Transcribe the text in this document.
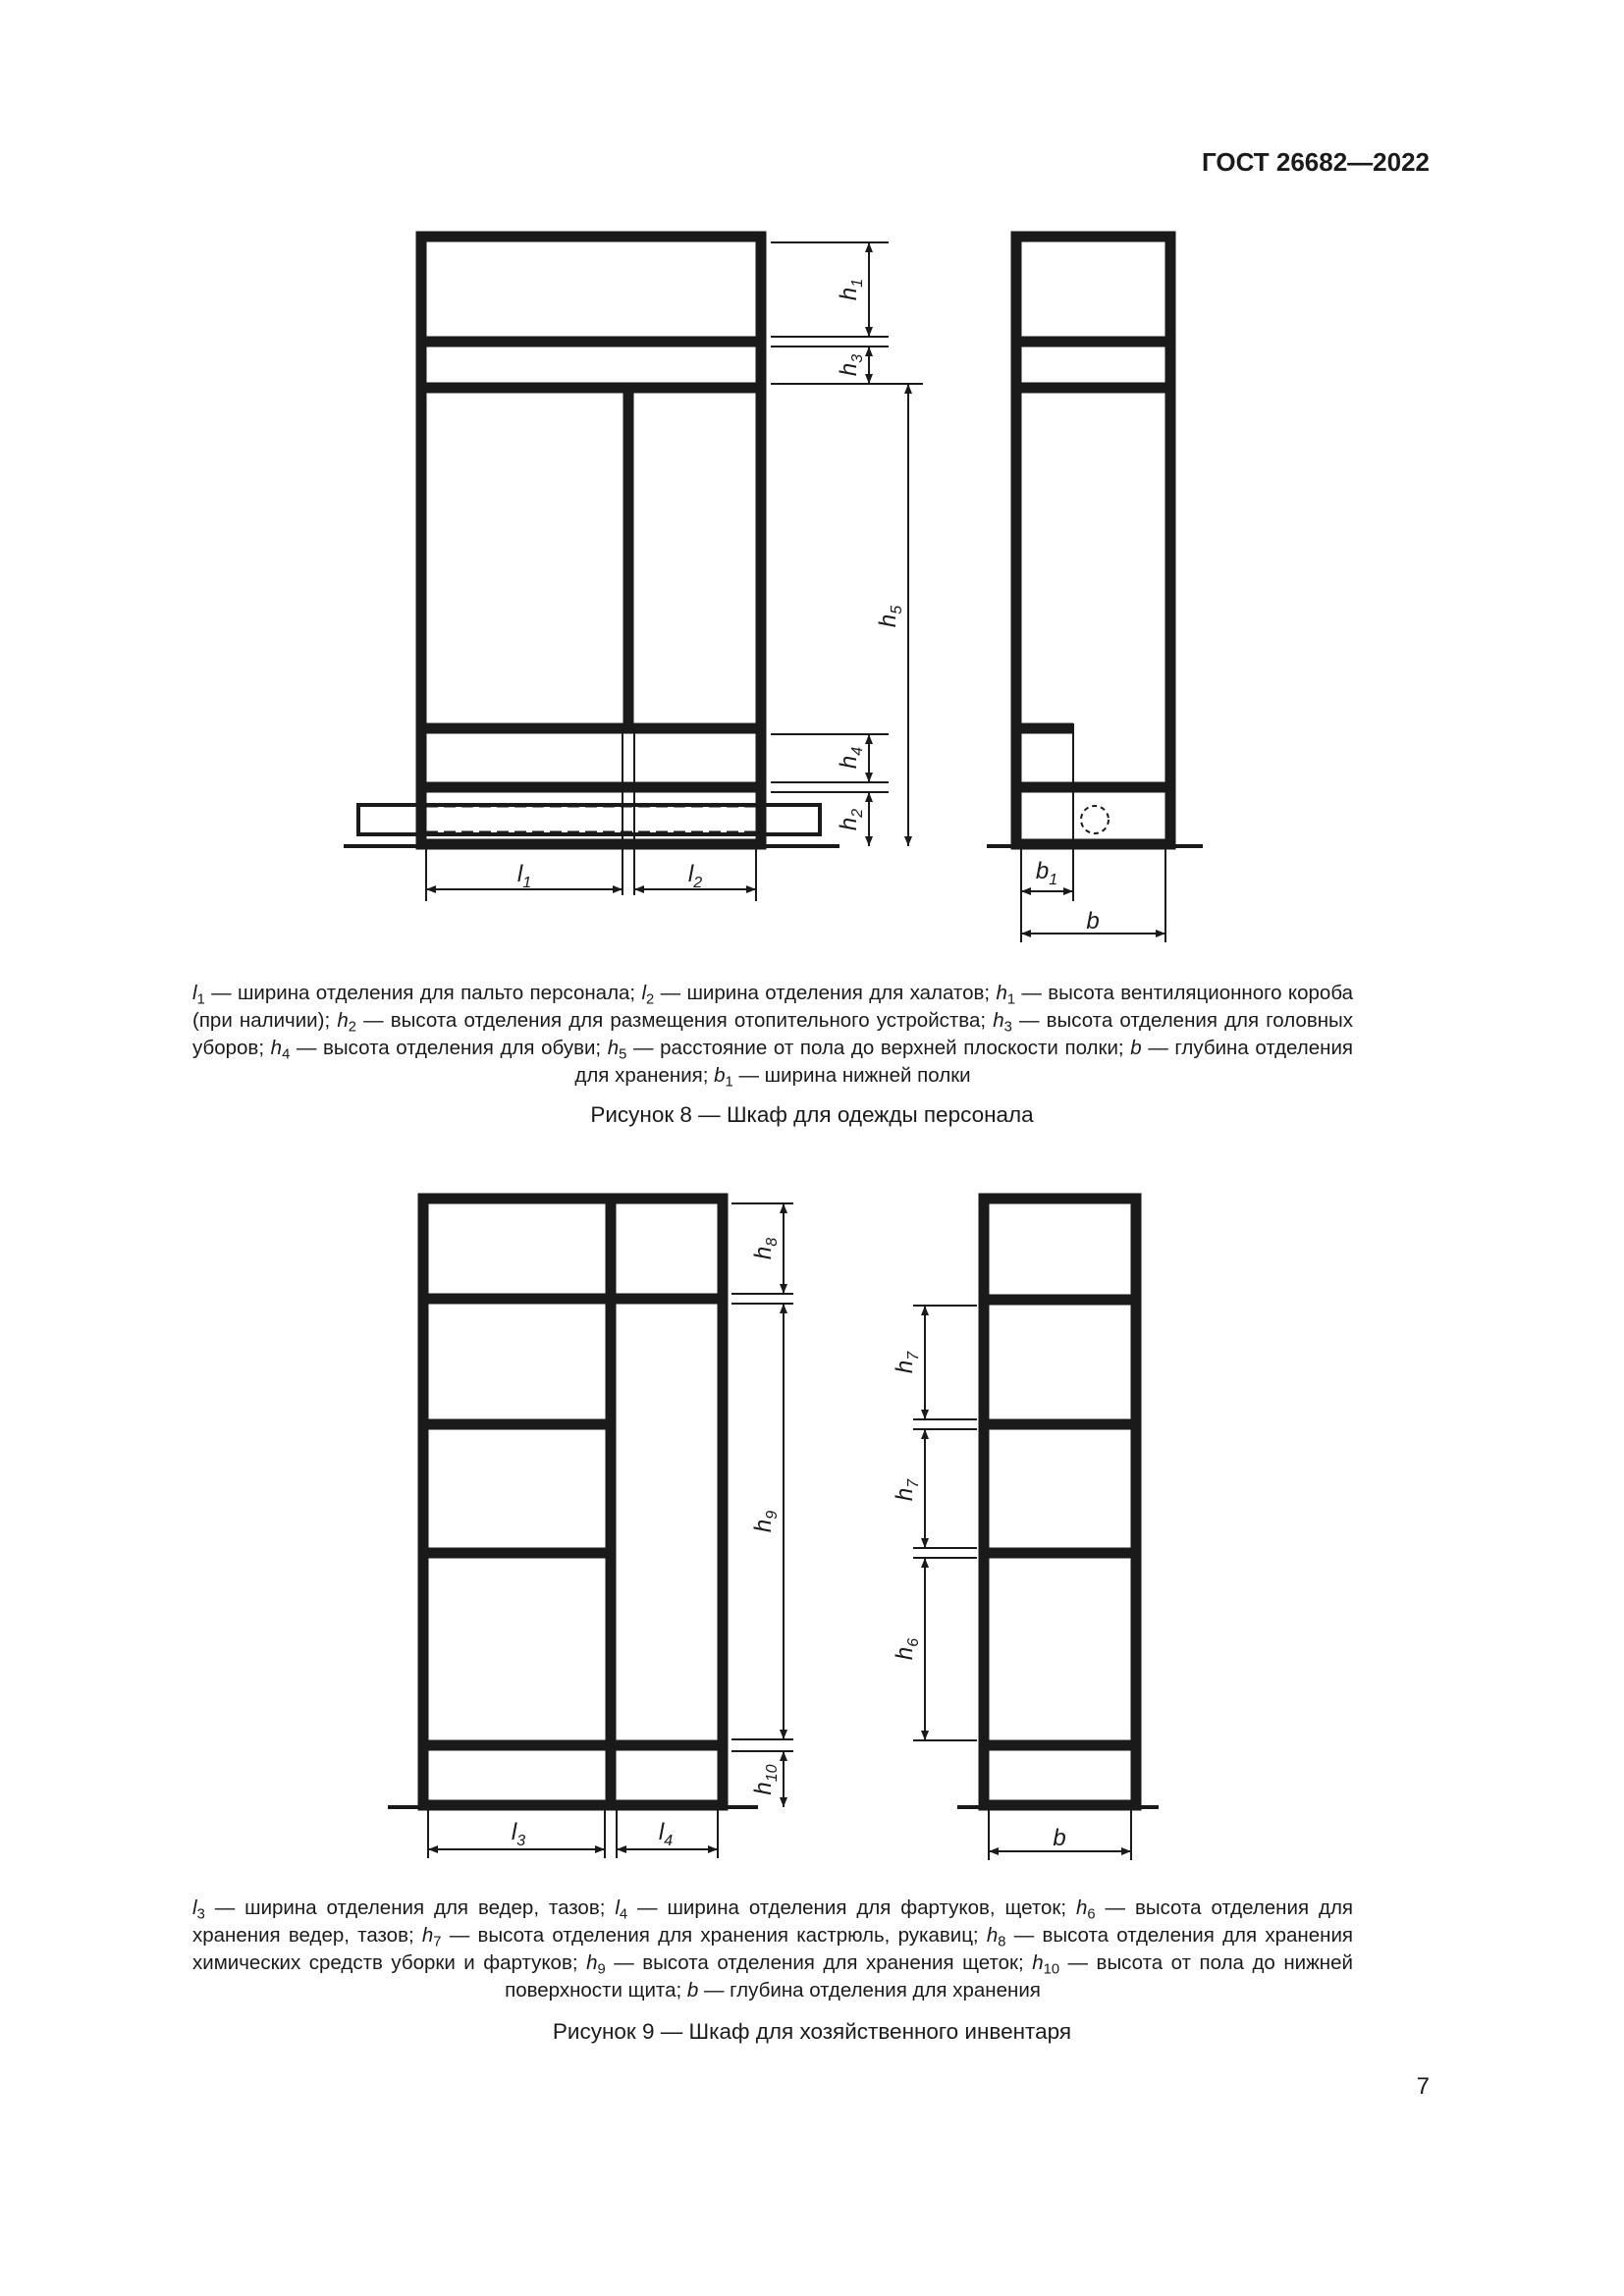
ГОСТ 26682—2022
$h_1$
$h_3$
$h_5$
$h_4$
$h_2$
$l_1$	$l_2$	$b_1$
b
$l_1$ — ширина отделения для пальто персонала; $l_2$ — ширина отделения для халатов; $h_1$ — высота вентиляционного короба (при наличии); $h_2$ — высота отделения для размещения отопительного устройства; $h_3$ — высота отделения для головных уборов; $h_4$ — высота отделения для обуви; $h_5$ — расстояние от пола до верхней плоскости полки; b — глубина отделения для хранения; $b_1$ — ширина нижней полки
Рисунок 8 — Шкаф для одежды персонала
$h_8$
$h_9$
$h_{10}$
$l_3$	$l_4$
$h_7$
$h_7$
$h_6$
b
$l_3$ — ширина отделения для ведер, тазов; $l_4$ — ширина отделения для фартуков, щеток; $h_6$ — высота отделения для хранения ведер, тазов; $h_7$ — высота отделения для хранения кастрюль, рукавиц; $h_8$ — высота отделения для хранения химических средств уборки и фартуков; $h_9$ — высота отделения для хранения щеток; $h_{10}$ — высота от пола до нижней поверхности щита; b — глубина отделения для хранения
Рисунок 9 — Шкаф для хозяйственного инвентаря
7
